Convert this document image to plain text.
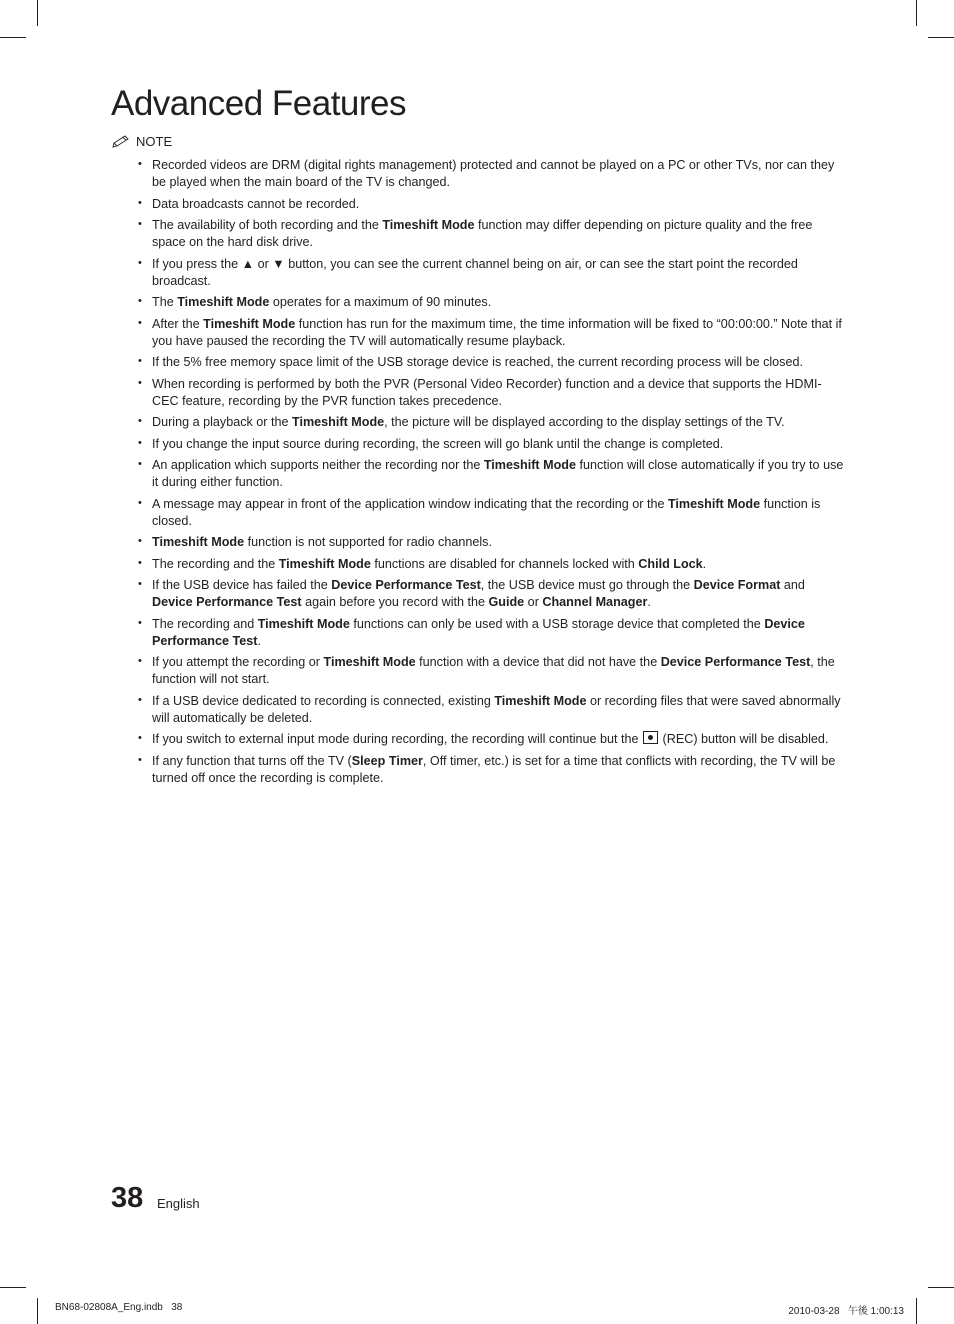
Advanced Features
NOTE
• Recorded videos are DRM (digital rights management) protected and cannot be played on a PC or other TVs, nor can they be played when the main board of the TV is changed.
• Data broadcasts cannot be recorded.
• The availability of both recording and the Timeshift Mode function may differ depending on picture quality and the free space on the hard disk drive.
• If you press the ▲ or ▼ button, you can see the current channel being on air, or can see the start point the recorded broadcast.
• The Timeshift Mode operates for a maximum of 90 minutes.
• After the Timeshift Mode function has run for the maximum time, the time information will be fixed to “00:00:00.” Note that if you have paused the recording the TV will automatically resume playback.
• If the 5% free memory space limit of the USB storage device is reached, the current recording process will be closed.
• When recording is performed by both the PVR (Personal Video Recorder) function and a device that supports the HDMI-CEC feature, recording by the PVR function takes precedence.
• During a playback or the Timeshift Mode, the picture will be displayed according to the display settings of the TV.
• If you change the input source during recording, the screen will go blank until the change is completed.
• An application which supports neither the recording nor the Timeshift Mode function will close automatically if you try to use it during either function.
• A message may appear in front of the application window indicating that the recording or the Timeshift Mode function is closed.
• Timeshift Mode function is not supported for radio channels.
• The recording and the Timeshift Mode functions are disabled for channels locked with Child Lock.
• If the USB device has failed the Device Performance Test, the USB device must go through the Device Format and Device Performance Test again before you record with the Guide or Channel Manager.
• The recording and Timeshift Mode functions can only be used with a USB storage device that completed the Device Performance Test.
• If you attempt the recording or Timeshift Mode function with a device that did not have the Device Performance Test, the function will not start.
• If a USB device dedicated to recording is connected, existing Timeshift Mode or recording files that were saved abnormally will automatically be deleted.
• If you switch to external input mode during recording, the recording will continue but the  (REC) button will be disabled.
• If any function that turns off the TV (Sleep Timer, Off timer, etc.) is set for a time that conflicts with recording, the TV will be turned off once the recording is complete.
38 English
BN68-02808A_Eng.indb   38	2010-03-28   午後 1:00:13
